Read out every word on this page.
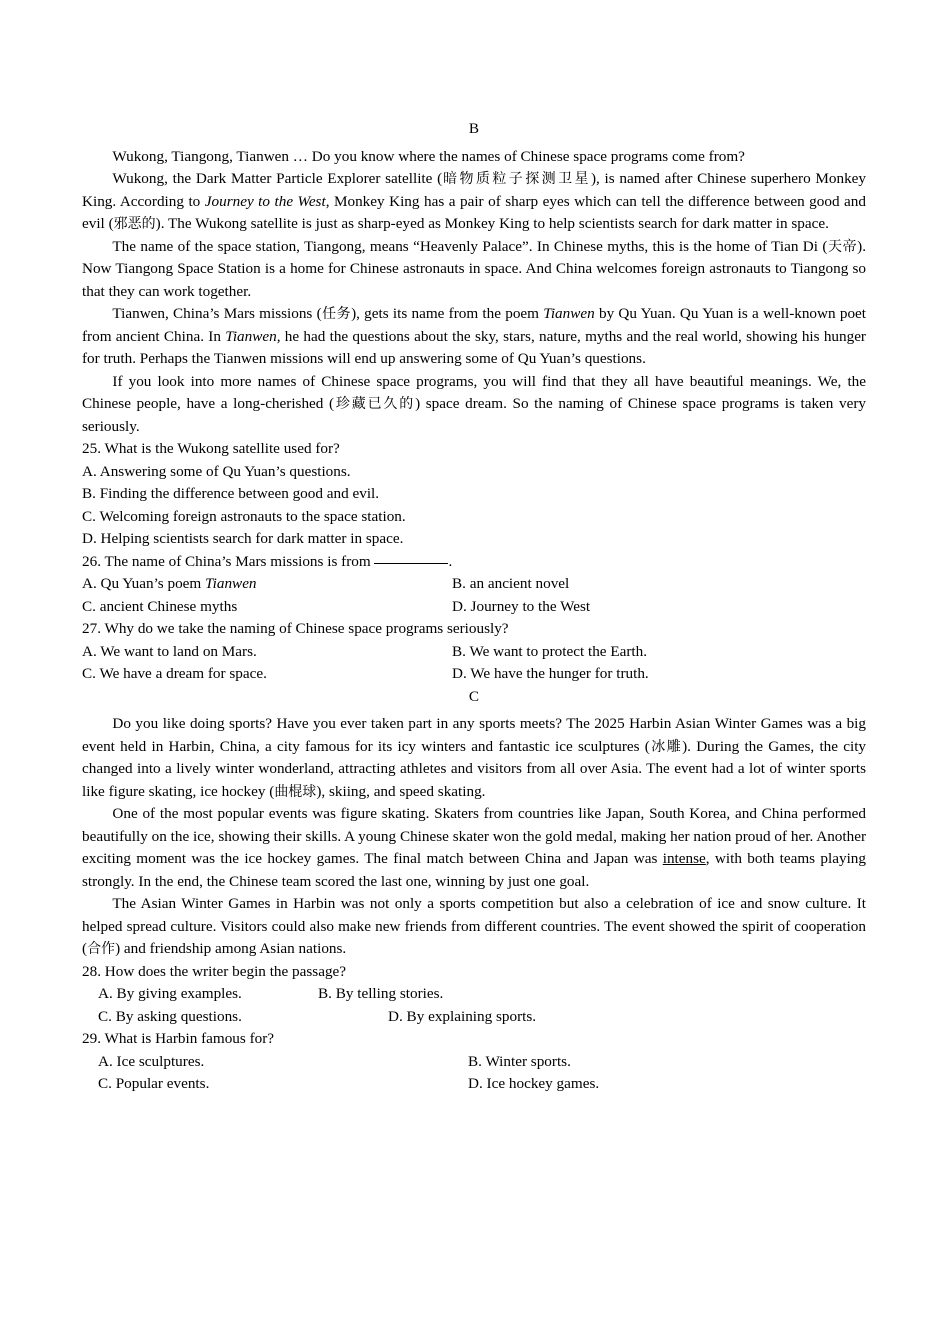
B

Wukong, Tiangong, Tianwen … Do you know where the names of Chinese space programs come from?

Wukong, the Dark Matter Particle Explorer satellite (暗物质粒子探测卫星), is named after Chinese superhero Monkey King. According to Journey to the West, Monkey King has a pair of sharp eyes which can tell the difference between good and evil (邪恶的). The Wukong satellite is just as sharp-eyed as Monkey King to help scientists search for dark matter in space.

The name of the space station, Tiangong, means “Heavenly Palace”. In Chinese myths, this is the home of Tian Di (天帝). Now Tiangong Space Station is a home for Chinese astronauts in space. And China welcomes foreign astronauts to Tiangong so that they can work together.

Tianwen, China’s Mars missions (任务), gets its name from the poem Tianwen by Qu Yuan. Qu Yuan is a well-known poet from ancient China. In Tianwen, he had the questions about the sky, stars, nature, myths and the real world, showing his hunger for truth. Perhaps the Tianwen missions will end up answering some of Qu Yuan’s questions.

If you look into more names of Chinese space programs, you will find that they all have beautiful meanings. We, the Chinese people, have a long-cherished (珍藏已久的) space dream. So the naming of Chinese space programs is taken very seriously.

25. What is the Wukong satellite used for?

A. Answering some of Qu Yuan’s questions.

B. Finding the difference between good and evil.

C. Welcoming foreign astronauts to the space station.

D. Helping scientists search for dark matter in space.

26. The name of China’s Mars missions is from	.

A. Qu Yuan’s poem Tianwen	B. an ancient novel
C. ancient Chinese myths	D. Journey to the West

27. Why do we take the naming of Chinese space programs seriously?

A. We want to land on Mars.	B. We want to protect the Earth.
C. We have a dream for space.	D. We have the hunger for truth.
C

Do you like doing sports? Have you ever taken part in any sports meets? The 2025 Harbin Asian Winter Games was a big event held in Harbin, China, a city famous for its icy winters and fantastic ice sculptures (冰雕). During the Games, the city changed into a lively winter wonderland, attracting athletes and visitors from all over Asia. The event had a lot of winter sports like figure skating, ice hockey (曲棍球), skiing, and speed skating.

One of the most popular events was figure skating. Skaters from countries like Japan, South Korea, and China performed beautifully on the ice, showing their skills. A young Chinese skater won the gold medal, making her nation proud of her. Another exciting moment was the ice hockey games. The final match between China and Japan was intense, with both teams playing strongly. In the end, the Chinese team scored the last one, winning by just one goal.

The Asian Winter Games in Harbin was not only a sports competition but also a celebration of ice and snow culture. It helped spread culture. Visitors could also make new friends from different countries. The event showed the spirit of cooperation (合作) and friendship among Asian nations.

28. How does the writer begin the passage?

A. By giving examples.	B. By telling stories.
C. By asking questions.	D. By explaining sports.

29. What is Harbin famous for?

A. Ice sculptures.	B. Winter sports.
C. Popular events.	D. Ice hockey games.
